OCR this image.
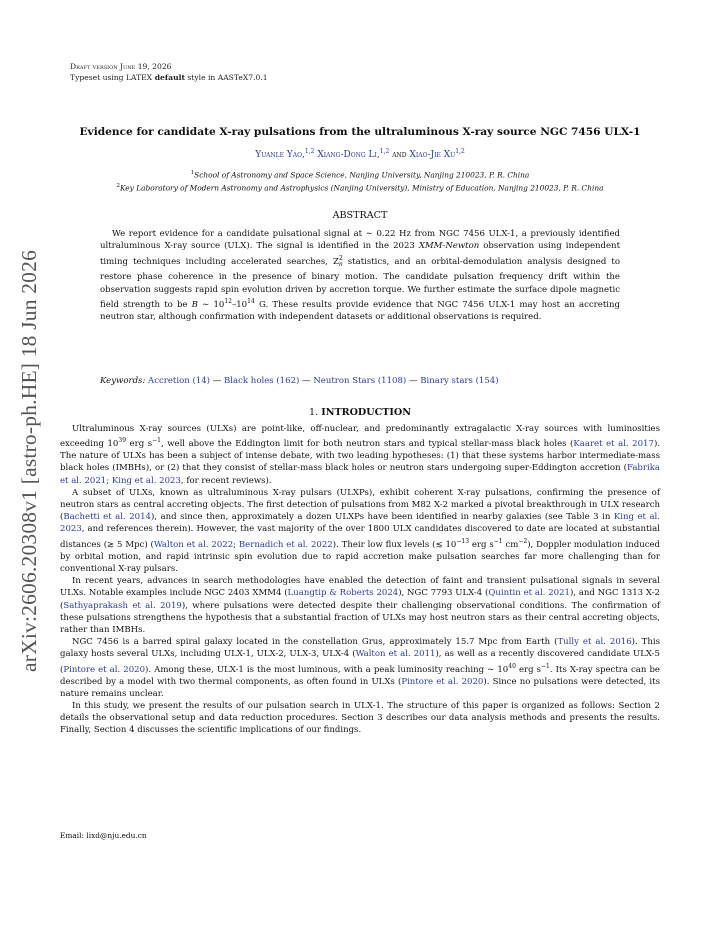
arXiv:2606.20308v1 [astro-ph.HE] 18 Jun 2026
Draft version June 19, 2026
Typeset using LATEX default style in AASTeX7.0.1
Evidence for candidate X-ray pulsations from the ultraluminous X-ray source NGC 7456 ULX-1
Yuanle Yao,$^{1,2}$ Xiang-Dong Li,$^{1,2}$ and Xiao-Jie Xu$^{1,2}$
$^1$School of Astronomy and Space Science, Nanjing University, Nanjing 210023, P. R. China
$^2$Key Laboratory of Modern Astronomy and Astrophysics (Nanjing University), Ministry of Education, Nanjing 210023, P. R. China
ABSTRACT

We report evidence for a candidate pulsational signal at ∼ 0.22 Hz from NGC 7456 ULX-1, a previously identified ultraluminous X-ray source (ULX). The signal is identified in the 2023 XMM-Newton observation using independent timing techniques including accelerated searches, $Z^2_n$ statistics, and an orbital-demodulation analysis designed to restore phase coherence in the presence of binary motion. The candidate pulsation frequency drift within the observation suggests rapid spin evolution driven by accretion torque. We further estimate the surface dipole magnetic field strength to be B ∼ $10^{12}-10^{14}$ G. These results provide evidence that NGC 7456 ULX-1 may host an accreting neutron star, although confirmation with independent datasets or additional observations is required.

Keywords: Accretion (14) — Black holes (162) — Neutron Stars (1108) — Binary stars (154)
1. INTRODUCTION

Ultraluminous X-ray sources (ULXs) are point-like, off-nuclear, and predominantly extragalactic X-ray sources with luminosities exceeding $10^{39}$ erg $s^{-1}$, well above the Eddington limit for both neutron stars and typical stellar-mass black holes (Kaaret et al. 2017). The nature of ULXs has been a subject of intense debate, with two leading hypotheses: (1) that these systems harbor intermediate-mass black holes (IMBHs), or (2) that they consist of stellar-mass black holes or neutron stars undergoing super-Eddington accretion (Fabrika et al. 2021; King et al. 2023, for recent reviews).

A subset of ULXs, known as ultraluminous X-ray pulsars (ULXPs), exhibit coherent X-ray pulsations, confirming the presence of neutron stars as central accreting objects. The first detection of pulsations from M82 X-2 marked a pivotal breakthrough in ULX research (Bachetti et al. 2014), and since then, approximately a dozen ULXPs have been identified in nearby galaxies (see Table 3 in King et al. 2023, and references therein). However, the vast majority of the over 1800 ULX candidates discovered to date are located at substantial distances (≳ 5 Mpc) (Walton et al. 2022; Bernadich et al. 2022). Their low flux levels (≲ $10^{-13}$ erg $s^{-1}$ $cm^{-2}$), Doppler modulation induced by orbital motion, and rapid intrinsic spin evolution due to rapid accretion make pulsation searches far more challenging than for conventional X-ray pulsars.

In recent years, advances in search methodologies have enabled the detection of faint and transient pulsational signals in several ULXs. Notable examples include NGC 2403 XMM4 (Luangtip & Roberts 2024), NGC 7793 ULX-4 (Quintin et al. 2021), and NGC 1313 X-2 (Sathyaprakash et al. 2019), where pulsations were detected despite their challenging observational conditions. The confirmation of these pulsations strengthens the hypothesis that a substantial fraction of ULXs may host neutron stars as their central accreting objects, rather than IMBHs.

NGC 7456 is a barred spiral galaxy located in the constellation Grus, approximately 15.7 Mpc from Earth (Tully et al. 2016). This galaxy hosts several ULXs, including ULX-1, ULX-2, ULX-3, ULX-4 (Walton et al. 2011), as well as a recently discovered candidate ULX-5 (Pintore et al. 2020). Among these, ULX-1 is the most luminous, with a peak luminosity reaching ∼ $10^{40}$ erg $s^{-1}$. Its X-ray spectra can be described by a model with two thermal components, as often found in ULXs (Pintore et al. 2020). Since no pulsations were detected, its nature remains unclear.

In this study, we present the results of our pulsation search in ULX-1. The structure of this paper is organized as follows: Section 2 details the observational setup and data reduction procedures. Section 3 describes our data analysis methods and presents the results. Finally, Section 4 discusses the scientific implications of our findings.

Email: lixd@nju.edu.cn
